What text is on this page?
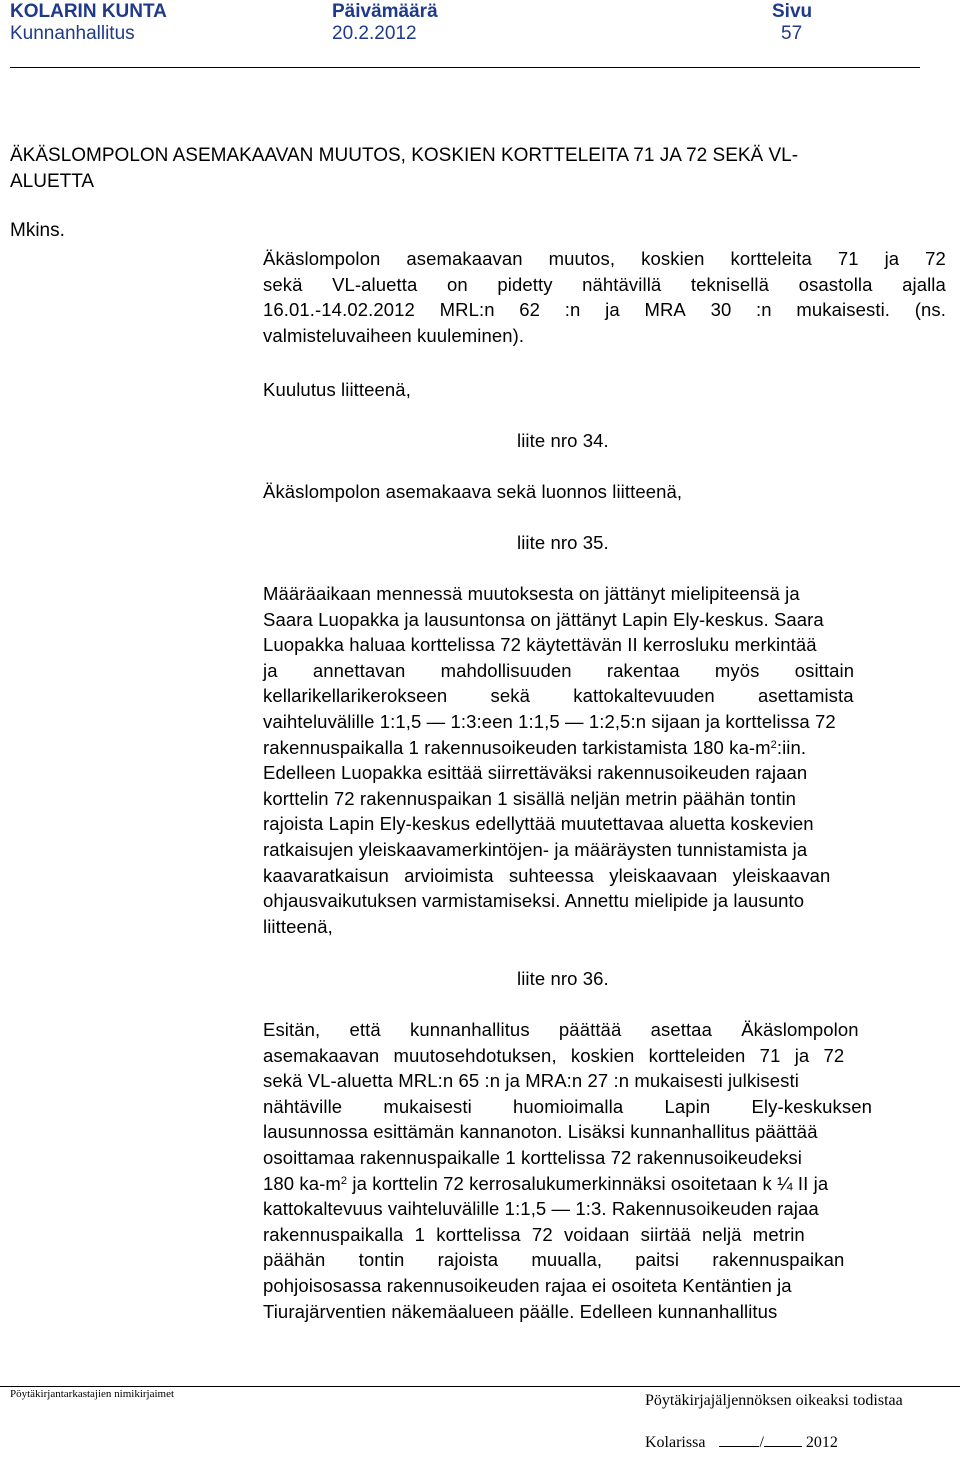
KOLARIN KUNTA
Kunnanhallitus
Päivämäärä
20.2.2012
Sivu
57
ÄKÄSLOMPOLON ASEMAKAAVAN MUUTOS, KOSKIEN KORTTELEITA 71 JA 72 SEKÄ VL-
ALUETTA
Mkins.
Äkäslompolon asemakaavan muutos, koskien kortteleita 71 ja 72
sekä VL-aluetta on pidetty nähtävillä teknisellä osastolla ajalla
16.01.-14.02.2012 MRL:n 62 :n ja MRA 30 :n mukaisesti. (ns.
valmisteluvaiheen kuuleminen).
Kuulutus liitteenä,
liite nro 34.
Äkäslompolon asemakaava sekä luonnos liitteenä,
liite nro 35.
Määräaikaan mennessä muutoksesta on jättänyt mielipiteensä ja
Saara Luopakka ja lausuntonsa on jättänyt Lapin Ely-keskus. Saara
Luopakka haluaa korttelissa 72 käytettävän II kerrosluku merkintää
ja annettavan mahdollisuuden rakentaa myös osittain
kellarikellarikerokseen sekä kattokaltevuuden asettamista
vaihteluvälille 1:1,5 — 1:3:een 1:1,5 — 1:2,5:n sijaan ja korttelissa 72
rakennuspaikalla 1 rakennusoikeuden tarkistamista 180 $ka-m^2:iin$.
Edelleen Luopakka esittää siirrettäväksi rakennusoikeuden rajaan
korttelin 72 rakennuspaikan 1 sisällä neljän metrin päähän tontin
rajoista Lapin Ely-keskus edellyttää muutettavaa aluetta koskevien
ratkaisujen yleiskaavamerkintöjen- ja määräysten tunnistamista ja
kaavaratkaisun arvioimista suhteessa yleiskaavaan yleiskaavan
ohjausvaikutuksen varmistamiseksi. Annettu mielipide ja lausunto
liitteenä,
liite nro 36.
Esitän, että kunnanhallitus päättää asettaa Äkäslompolon
asemakaavan muutosehdotuksen, koskien kortteleiden 71 ja 72
sekä VL-aluetta MRL:n 65 :n ja MRA:n 27 :n mukaisesti julkisesti
nähtäville mukaisesti huomioimalla Lapin Ely-keskuksen
lausunnossa esittämän kannanoton. Lisäksi kunnanhallitus päättää
osoittamaa rakennuspaikalle 1 korttelissa 72 rakennusoikeudeksi
180 $ka-m^2$ ja korttelin 72 kerrosalukumerkinnäksi osoitetaan k ¼ II ja
kattokaltevuus vaihteluvälille 1:1,5 — 1:3. Rakennusoikeuden rajaa
rakennuspaikalla 1 korttelissa 72 voidaan siirtää neljä metrin
päähän tontin rajoista muualla, paitsi rakennuspaikan
pohjoisosassa rakennusoikeuden rajaa ei osoiteta Kentäntien ja
Tiurajärventien näkemäalueen päälle. Edelleen kunnanhallitus
Pöytäkirjantarkastajien nimikirjaimet	Pöytäkirjajäljennöksen oikeaksi todistaa
Kolarissa	/	2012
